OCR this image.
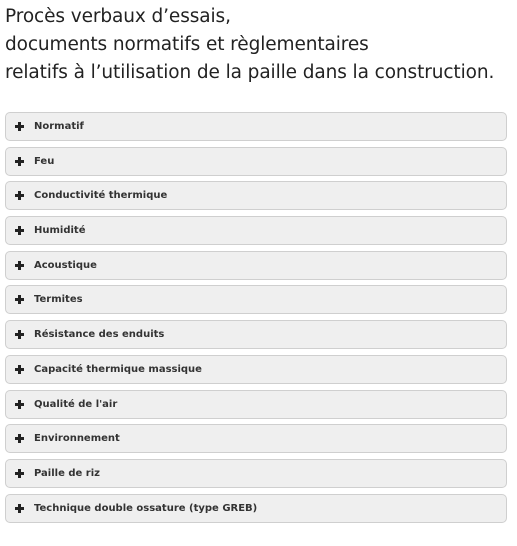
Procès verbaux d’essais,
documents normatifs et règlementaires
relatifs à l’utilisation de la paille dans la construction.
Normatif
Feu
Conductivité thermique
Humidité
Acoustique
Termites
Résistance des enduits
Capacité thermique massique
Qualité de l'air
Environnement
Paille de riz
Technique double ossature (type GREB)
